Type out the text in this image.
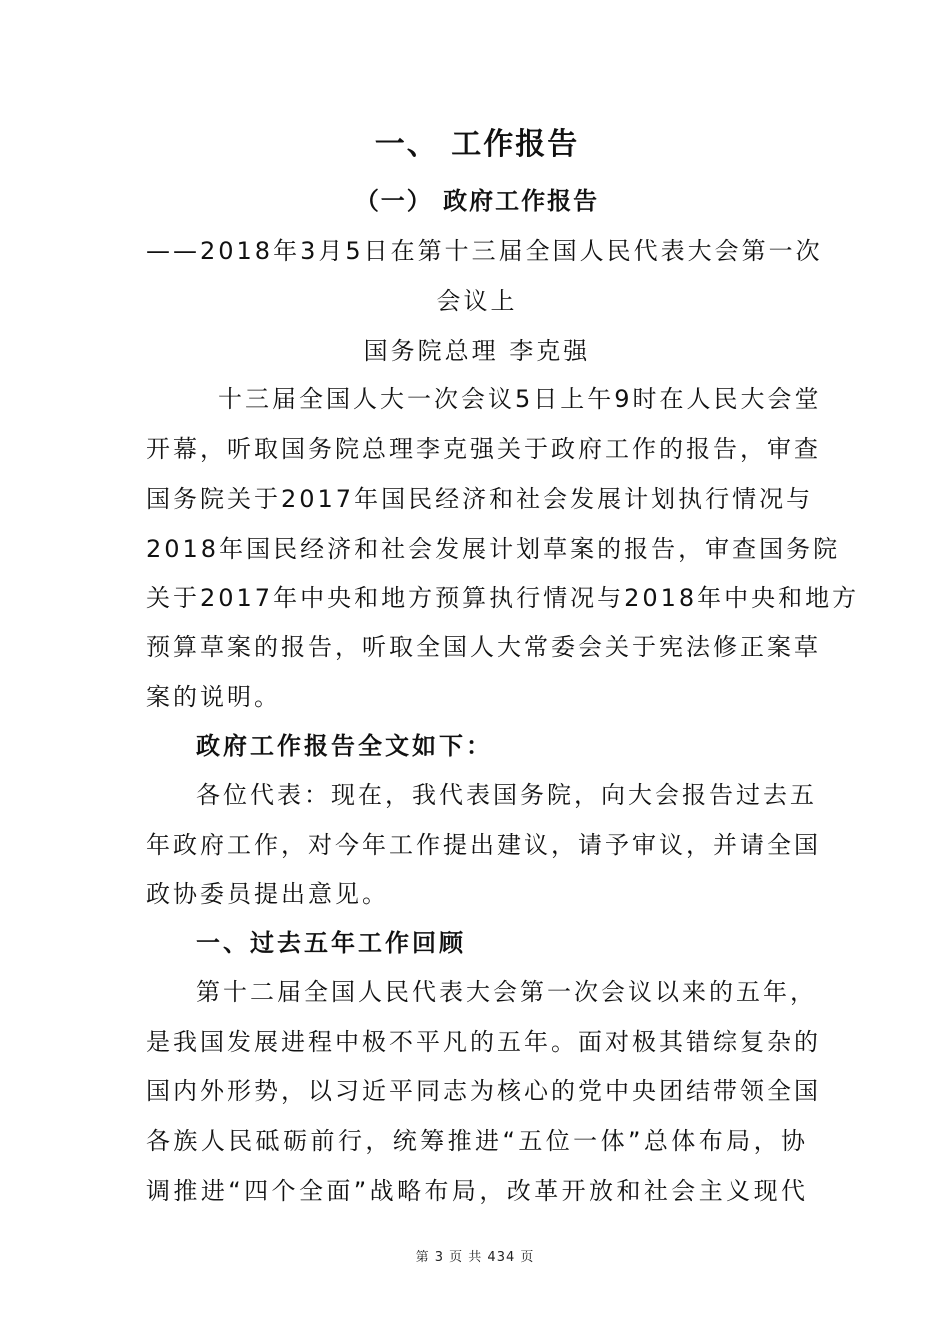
一、 工作报告
（一） 政府工作报告
——2018年3月5日在第十三届全国人民代表大会第一次
会议上
国务院总理 李克强
十三届全国人大一次会议5日上午9时在人民大会堂
开幕，听取国务院总理李克强关于政府工作的报告，审查
国务院关于2017年国民经济和社会发展计划执行情况与
2018年国民经济和社会发展计划草案的报告，审查国务院
关于2017年中央和地方预算执行情况与2018年中央和地方
预算草案的报告，听取全国人大常委会关于宪法修正案草
案的说明。
政府工作报告全文如下：
各位代表：现在，我代表国务院，向大会报告过去五
年政府工作，对今年工作提出建议，请予审议，并请全国
政协委员提出意见。
一、过去五年工作回顾
第十二届全国人民代表大会第一次会议以来的五年，
是我国发展进程中极不平凡的五年。面对极其错综复杂的
国内外形势，以习近平同志为核心的党中央团结带领全国
各族人民砥砺前行，统筹推进“五位一体”总体布局，协
调推进“四个全面”战略布局，改革开放和社会主义现代
第 3 页 共 434 页
